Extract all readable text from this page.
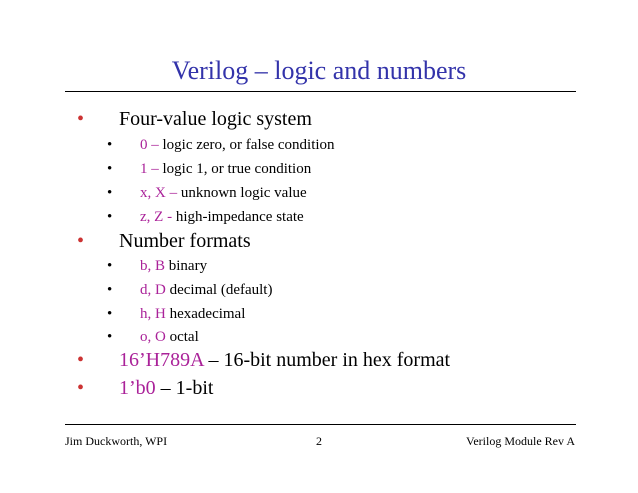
Verilog – logic and numbers
• Four-value logic system
• 0 – logic zero, or false condition
• 1 – logic 1, or true condition
• x, X – unknown logic value
• z, Z - high-impedance state
• Number formats
• b, B binary
• d, D decimal (default)
• h, H hexadecimal
• o, O octal
• 16’H789A – 16-bit number in hex format
• 1’b0 – 1-bit
Jim Duckworth, WPI	2	Verilog Module Rev A
